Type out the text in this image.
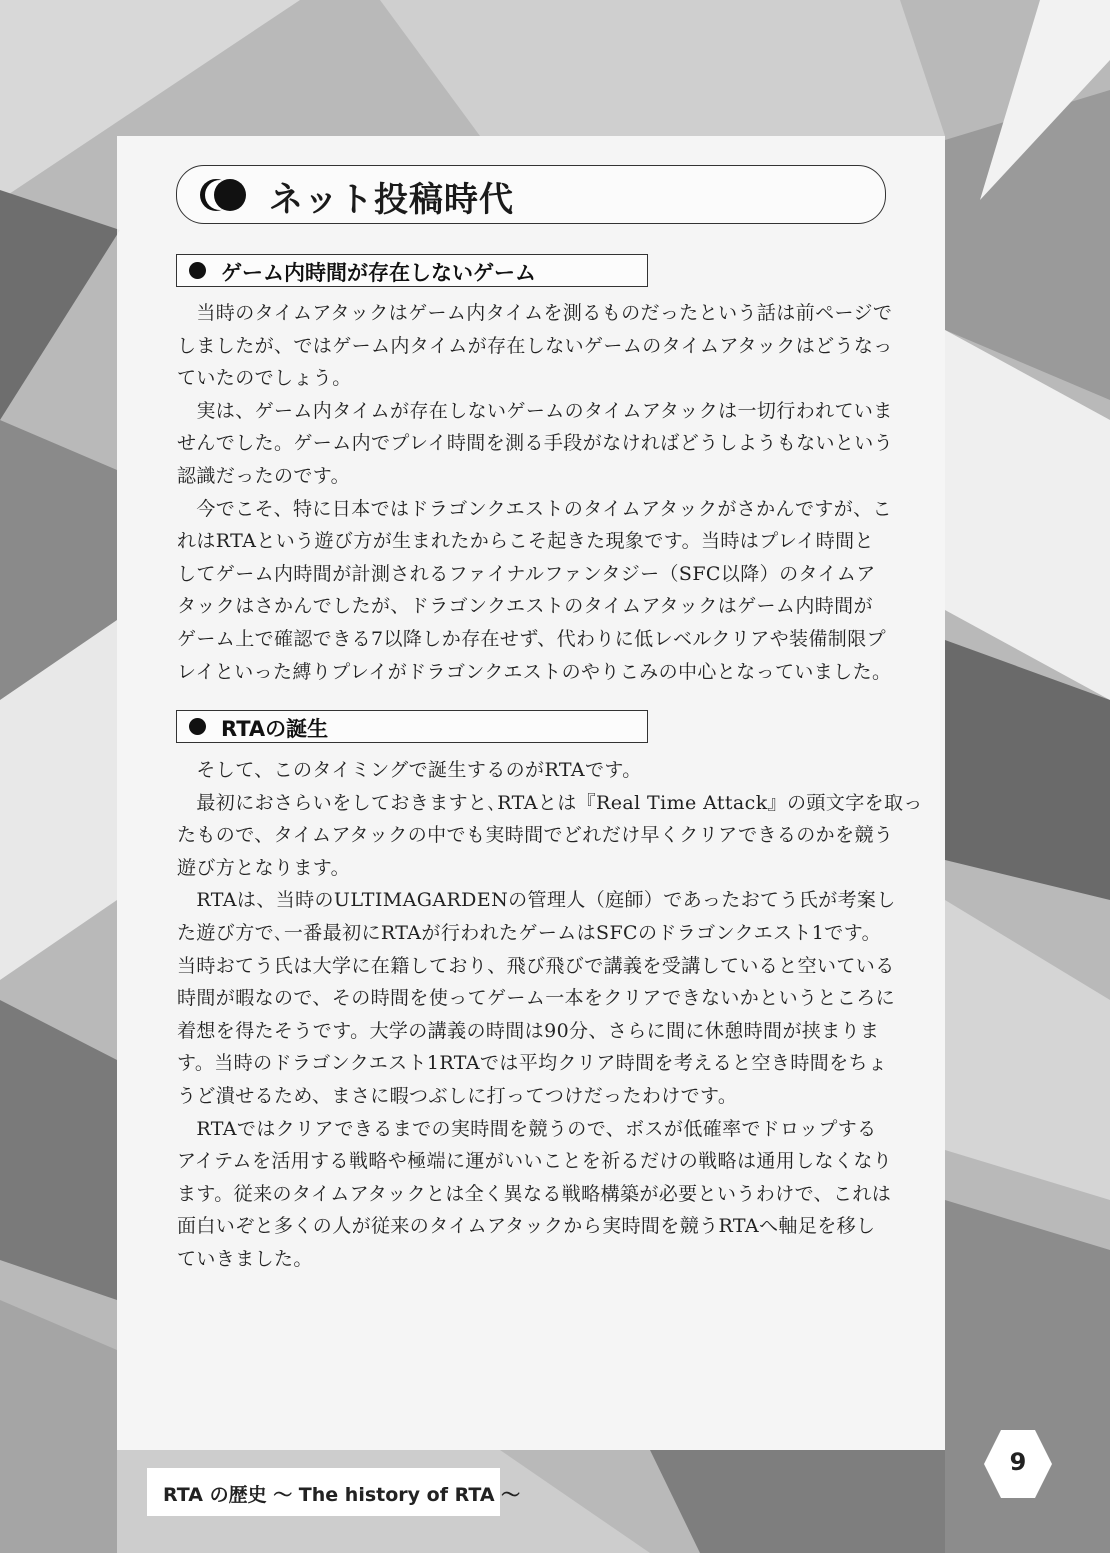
ネット投稿時代
ゲーム内時間が存在しないゲーム
　当時のタイムアタックはゲーム内タイムを測るものだったという話は前ページで
しましたが、ではゲーム内タイムが存在しないゲームのタイムアタックはどうなっ
ていたのでしょう。
　実は、ゲーム内タイムが存在しないゲームのタイムアタックは一切行われていま
せんでした。ゲーム内でプレイ時間を測る手段がなければどうしようもないという
認識だったのです。
　今でこそ、特に日本ではドラゴンクエストのタイムアタックがさかんですが、こ
れはRTAという遊び方が生まれたからこそ起きた現象です。当時はプレイ時間と
してゲーム内時間が計測されるファイナルファンタジー（SFC以降）のタイムア
タックはさかんでしたが、ドラゴンクエストのタイムアタックはゲーム内時間が
ゲーム上で確認できる7以降しか存在せず、代わりに低レベルクリアや装備制限プ
レイといった縛りプレイがドラゴンクエストのやりこみの中心となっていました。
RTAの誕生
　そして、このタイミングで誕生するのがRTAです。
　最初におさらいをしておきますと､RTAとは『Real Time Attack』の頭文字を取っ
たもので、タイムアタックの中でも実時間でどれだけ早くクリアできるのかを競う
遊び方となります。
　RTAは、当時のULTIMAGARDENの管理人（庭師）であったおてう氏が考案し
た遊び方で､一番最初にRTAが行われたゲームはSFCのドラゴンクエスト1です。
当時おてう氏は大学に在籍しており、飛び飛びで講義を受講していると空いている
時間が暇なので、その時間を使ってゲーム一本をクリアできないかというところに
着想を得たそうです。大学の講義の時間は90分、さらに間に休憩時間が挟まりま
す。当時のドラゴンクエスト1RTAでは平均クリア時間を考えると空き時間をちょ
うど潰せるため、まさに暇つぶしに打ってつけだったわけです。
　RTAではクリアできるまでの実時間を競うので、ボスが低確率でドロップする
アイテムを活用する戦略や極端に運がいいことを祈るだけの戦略は通用しなくなり
ます。従来のタイムアタックとは全く異なる戦略構築が必要というわけで、これは
面白いぞと多くの人が従来のタイムアタックから実時間を競うRTAへ軸足を移し
ていきました。
RTA の歴史 〜 The history of RTA 〜
9
